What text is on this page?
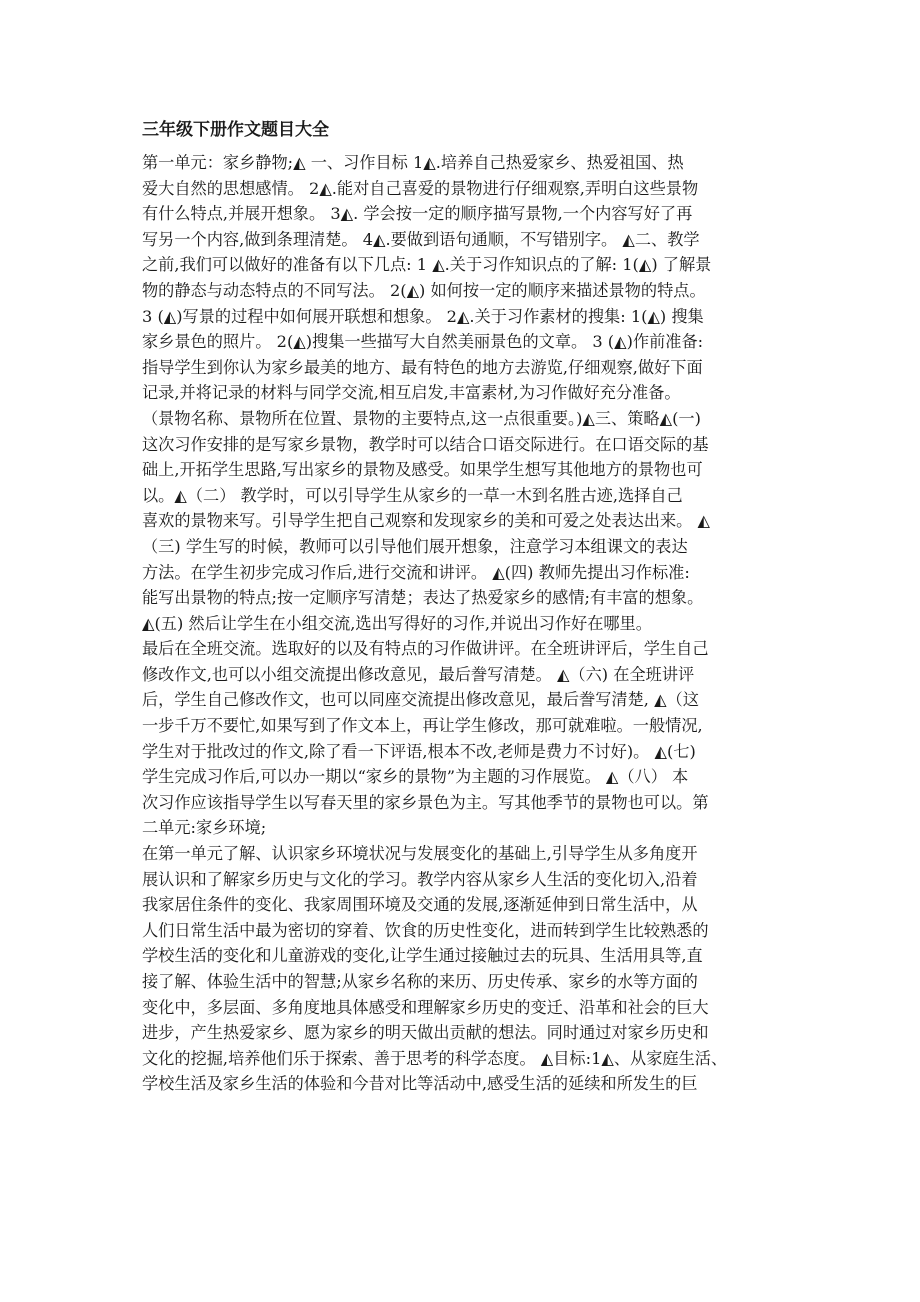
三年级下册作文题目大全
第一单元：家乡静物;◭ 一、习作目标 1◭.培养自己热爱家乡、热爱祖国、热
爱大自然的思想感情。 2◭.能对自己喜爱的景物进行仔细观察,弄明白这些景物
有什么特点,并展开想象。 3◭. 学会按一定的顺序描写景物,一个内容写好了再
写另一个内容,做到条理清楚。 4◭.要做到语句通顺，不写错别字。 ◭二、教学
之前,我们可以做好的准备有以下几点: 1 ◭.关于习作知识点的了解: 1(◭) 了解景
物的静态与动态特点的不同写法。 2(◭) 如何按一定的顺序来描述景物的特点。
3 (◭)写景的过程中如何展开联想和想象。 2◭.关于习作素材的搜集: 1(◭) 搜集
家乡景色的照片。 2(◭)搜集一些描写大自然美丽景色的文章。 3 (◭)作前准备:
指导学生到你认为家乡最美的地方、最有特色的地方去游览,仔细观察,做好下面
记录,并将记录的材料与同学交流,相互启发,丰富素材,为习作做好充分准备。
（景物名称、景物所在位置、景物的主要特点,这一点很重要。)◭三、策略◭(一)
这次习作安排的是写家乡景物，教学时可以结合口语交际进行。在口语交际的基
础上,开拓学生思路,写出家乡的景物及感受。如果学生想写其他地方的景物也可
以。◭（二） 教学时，可以引导学生从家乡的一草一木到名胜古迹,选择自己
喜欢的景物来写。引导学生把自己观察和发现家乡的美和可爱之处表达出来。 ◭
（三) 学生写的时候，教师可以引导他们展开想象，注意学习本组课文的表达
方法。在学生初步完成习作后,进行交流和讲评。 ◭(四) 教师先提出习作标准:
能写出景物的特点;按一定顺序写清楚；表达了热爱家乡的感情;有丰富的想象。
◭(五) 然后让学生在小组交流,选出写得好的习作,并说出习作好在哪里。
最后在全班交流。选取好的以及有特点的习作做讲评。在全班讲评后，学生自己
修改作文,也可以小组交流提出修改意见，最后誊写清楚。 ◭（六) 在全班讲评
后，学生自己修改作文，也可以同座交流提出修改意见，最后誊写清楚, ◭（这
一步千万不要忙,如果写到了作文本上，再让学生修改，那可就难啦。一般情况,
学生对于批改过的作文,除了看一下评语,根本不改,老师是费力不讨好)。 ◭(七)
学生完成习作后,可以办一期以“家乡的景物”为主题的习作展览。 ◭（八） 本
次习作应该指导学生以写春天里的家乡景色为主。写其他季节的景物也可以。第
二单元:家乡环境;
在第一单元了解、认识家乡环境状况与发展变化的基础上,引导学生从多角度开
展认识和了解家乡历史与文化的学习。教学内容从家乡人生活的变化切入,沿着
我家居住条件的变化、我家周围环境及交通的发展,逐渐延伸到日常生活中，从
人们日常生活中最为密切的穿着、饮食的历史性变化，进而转到学生比较熟悉的
学校生活的变化和儿童游戏的变化,让学生通过接触过去的玩具、生活用具等,直
接了解、体验生活中的智慧;从家乡名称的来历、历史传承、家乡的水等方面的
变化中，多层面、多角度地具体感受和理解家乡历史的变迁、沿革和社会的巨大
进步，产生热爱家乡、愿为家乡的明天做出贡献的想法。同时通过对家乡历史和
文化的挖掘,培养他们乐于探索、善于思考的科学态度。 ◭目标:1◭、从家庭生活、
学校生活及家乡生活的体验和今昔对比等活动中,感受生活的延续和所发生的巨
